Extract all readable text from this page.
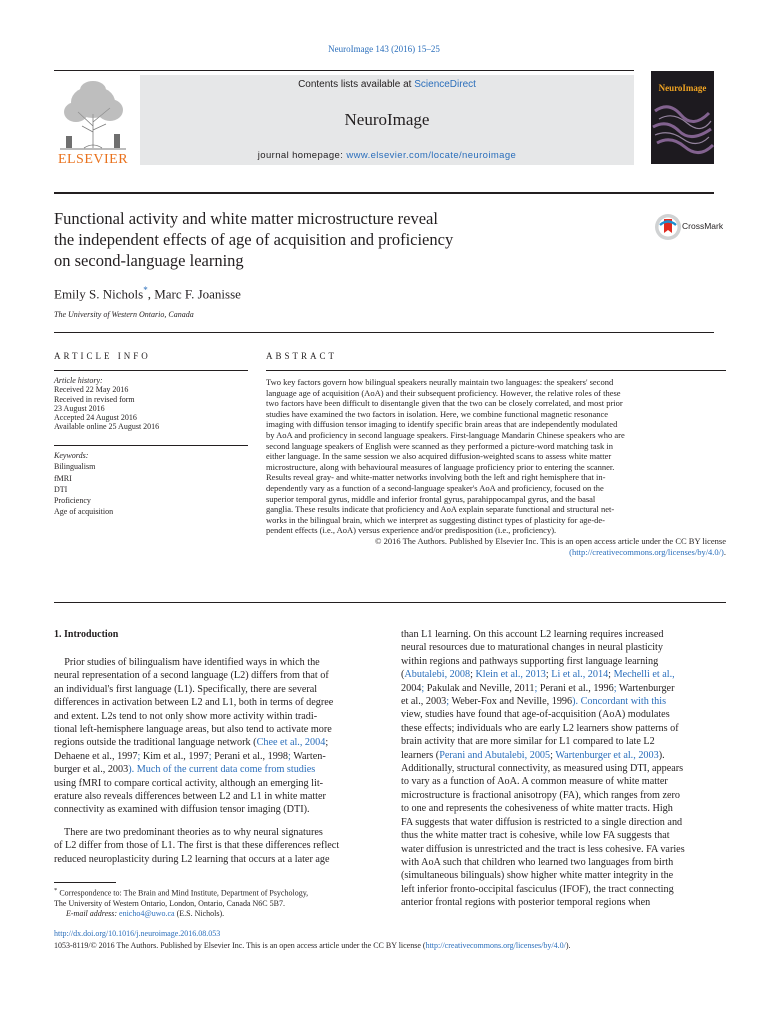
NeuroImage 143 (2016) 15–25
ELSEVIER
Contents lists available at ScienceDirect
NeuroImage
journal homepage: www.elsevier.com/locate/neuroimage
NeuroImage
Functional activity and white matter microstructure reveal
the independent effects of age of acquisition and proficiency
on second-language learning
CrossMark
Emily S. Nichols*, Marc F. Joanisse
The University of Western Ontario, Canada
ARTICLE INFO
Article history:
Received 22 May 2016
Received in revised form
23 August 2016
Accepted 24 August 2016
Available online 25 August 2016
Keywords:
Bilingualism
fMRI
DTI
Proficiency
Age of acquisition
ABSTRACT
Two key factors govern how bilingual speakers neurally maintain two languages: the speakers' second
language age of acquisition (AoA) and their subsequent proficiency. However, the relative roles of these
two factors have been difficult to disentangle given that the two can be closely correlated, and most prior
studies have examined the two factors in isolation. Here, we combine functional magnetic resonance
imaging with diffusion tensor imaging to identify specific brain areas that are independently modulated
by AoA and proficiency in second language speakers. First-language Mandarin Chinese speakers who are
second language speakers of English were scanned as they performed a picture-word matching task in
either language. In the same session we also acquired diffusion-weighted scans to assess white matter
microstructure, along with behavioural measures of language proficiency prior to entering the scanner.
Results reveal gray- and white-matter networks involving both the left and right hemisphere that in-
dependently vary as a function of a second-language speaker's AoA and proficiency, focused on the
superior temporal gyrus, middle and inferior frontal gyrus, parahippocampal gyrus, and the basal
ganglia. These results indicate that proficiency and AoA explain separate functional and structural net-
works in the bilingual brain, which we interpret as suggesting distinct types of plasticity for age-de-
pendent effects (i.e., AoA) versus experience and/or predisposition (i.e., proficiency).
© 2016 The Authors. Published by Elsevier Inc. This is an open access article under the CC BY license
(http://creativecommons.org/licenses/by/4.0/).
1. Introduction
Prior studies of bilingualism have identified ways in which the
neural representation of a second language (L2) differs from that of
an individual's first language (L1). Specifically, there are several
differences in activation between L2 and L1, both in terms of degree
and extent. L2s tend to not only show more activity within tradi-
tional left-hemisphere language areas, but also tend to activate more
regions outside the traditional language network (Chee et al., 2004;
Dehaene et al., 1997; Kim et al., 1997; Perani et al., 1998; Warten-
burger et al., 2003). Much of the current data come from studies
using fMRI to compare cortical activity, although an emerging lit-
erature also reveals differences between L2 and L1 in white matter
connectivity as examined with diffusion tensor imaging (DTI).
There are two predominant theories as to why neural signatures
of L2 differ from those of L1. The first is that these differences reflect
reduced neuroplasticity during L2 learning that occurs at a later age
than L1 learning. On this account L2 learning requires increased
neural resources due to maturational changes in neural plasticity
within regions and pathways supporting first language learning
(Abutalebi, 2008; Klein et al., 2013; Li et al., 2014; Mechelli et al.,
2004; Pakulak and Neville, 2011; Perani et al., 1996; Wartenburger
et al., 2003; Weber-Fox and Neville, 1996). Concordant with this
view, studies have found that age-of-acquisition (AoA) modulates
these effects; individuals who are early L2 learners show patterns of
brain activity that are more similar for L1 compared to late L2
learners (Perani and Abutalebi, 2005; Wartenburger et al., 2003).
Additionally, structural connectivity, as measured using DTI, appears
to vary as a function of AoA. A common measure of white matter
microstructure is fractional anisotropy (FA), which ranges from zero
to one and represents the cohesiveness of white matter tracts. High
FA suggests that water diffusion is restricted to a single direction and
thus the white matter tract is cohesive, while low FA suggests that
water diffusion is unrestricted and the tract is less cohesive. FA varies
with AoA such that children who learned two languages from birth
(simultaneous bilinguals) show higher white matter integrity in the
left inferior fronto-occipital fasciculus (IFOF), the tract connecting
anterior frontal regions with posterior temporal regions when
* Correspondence to: The Brain and Mind Institute, Department of Psychology,
The University of Western Ontario, London, Ontario, Canada N6C 5B7.
E-mail address: enicho4@uwo.ca (E.S. Nichols).
http://dx.doi.org/10.1016/j.neuroimage.2016.08.053
1053-8119/© 2016 The Authors. Published by Elsevier Inc. This is an open access article under the CC BY license (http://creativecommons.org/licenses/by/4.0/).
